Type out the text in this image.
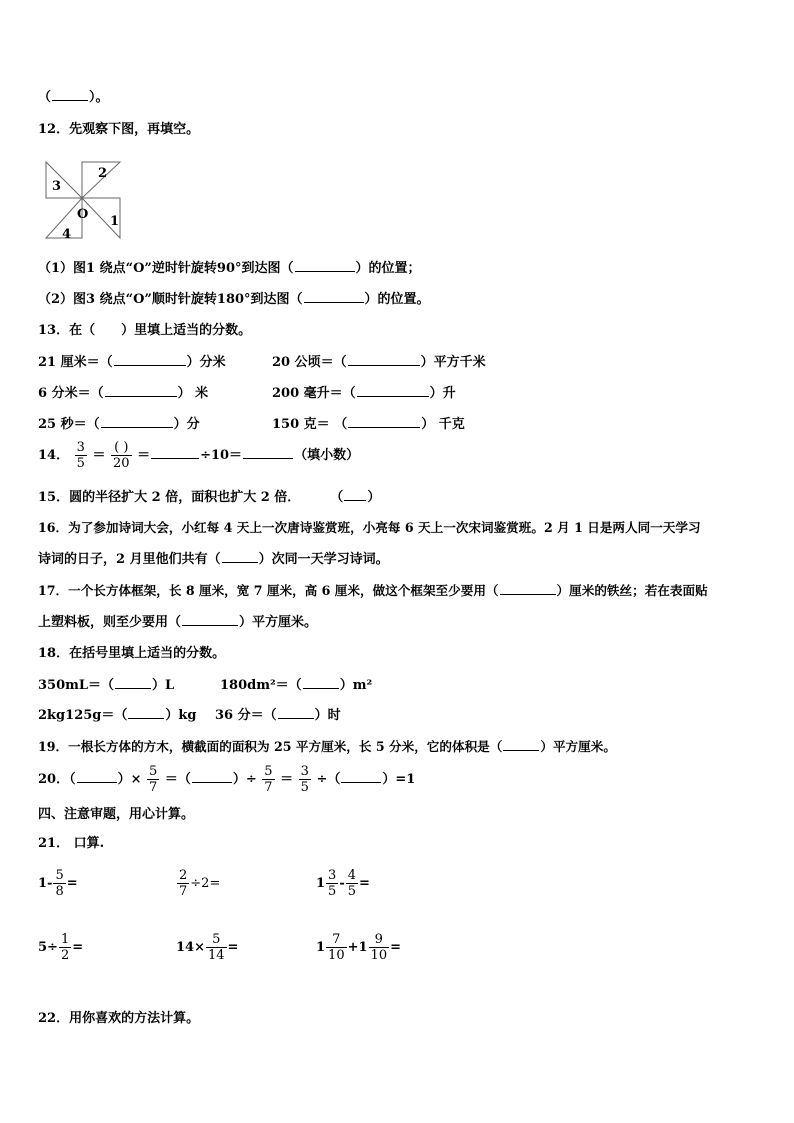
（	）。
12．先观察下图，再填空。
3
2
O 1
4
（1）图1 绕点“O”逆时针旋转90°到达图（	）的位置；
（2）图3 绕点“O”顺时针旋转180°到达图（	）的位置。
13．在（　　）里填上适当的分数。
21 厘米＝（	）分米	20 公顷＝（	）平方千米
6 分米＝（	） 米	200 毫升＝（	）升
25 秒＝（	）分	150 克＝ （	） 千克
14． $\frac{3}{5} = \frac{( )}{20}$ ＝	÷10＝	（填小数）
15．圆的半径扩大 2 倍，面积也扩大 2 倍． （ ）
16．为了参加诗词大会，小红每 4 天上一次唐诗鉴赏班，小亮每 6 天上一次宋词鉴赏班。2 月 1 日是两人同一天学习
诗词的日子，2 月里他们共有（	）次同一天学习诗词。
17．一个长方体框架，长 8 厘米，宽 7 厘米，高 6 厘米，做这个框架至少要用（	）厘米的铁丝；若在表面贴
上塑料板，则至少要用（	）平方厘米。
18．在括号里填上适当的分数。
350mL＝（	）L	180dm²＝（	）m²
2kg125g＝（	）kg 36 分＝（	）时
19．一根长方体的方木，横截面的面积为 25 平方厘米，长 5 分米，它的体积是（	）平方厘米。
20．（	）× $\frac{5}{7}$ ＝（	）÷ $\frac{5}{7} = \frac{3}{5}$ ÷（	）=1
四、注意审题，用心计算。
21． 口算.
$1- \frac{5}{8}$ =	$\frac{2}{7} \div 2=$	$1 \frac{3}{5} - \frac{4}{5}$ =
$5\div \frac{1}{2}$ =	$14\times \frac{5}{14}$ =	$1 \frac{7}{10} +1 \frac{9}{10}$ =
22．用你喜欢的方法计算。
